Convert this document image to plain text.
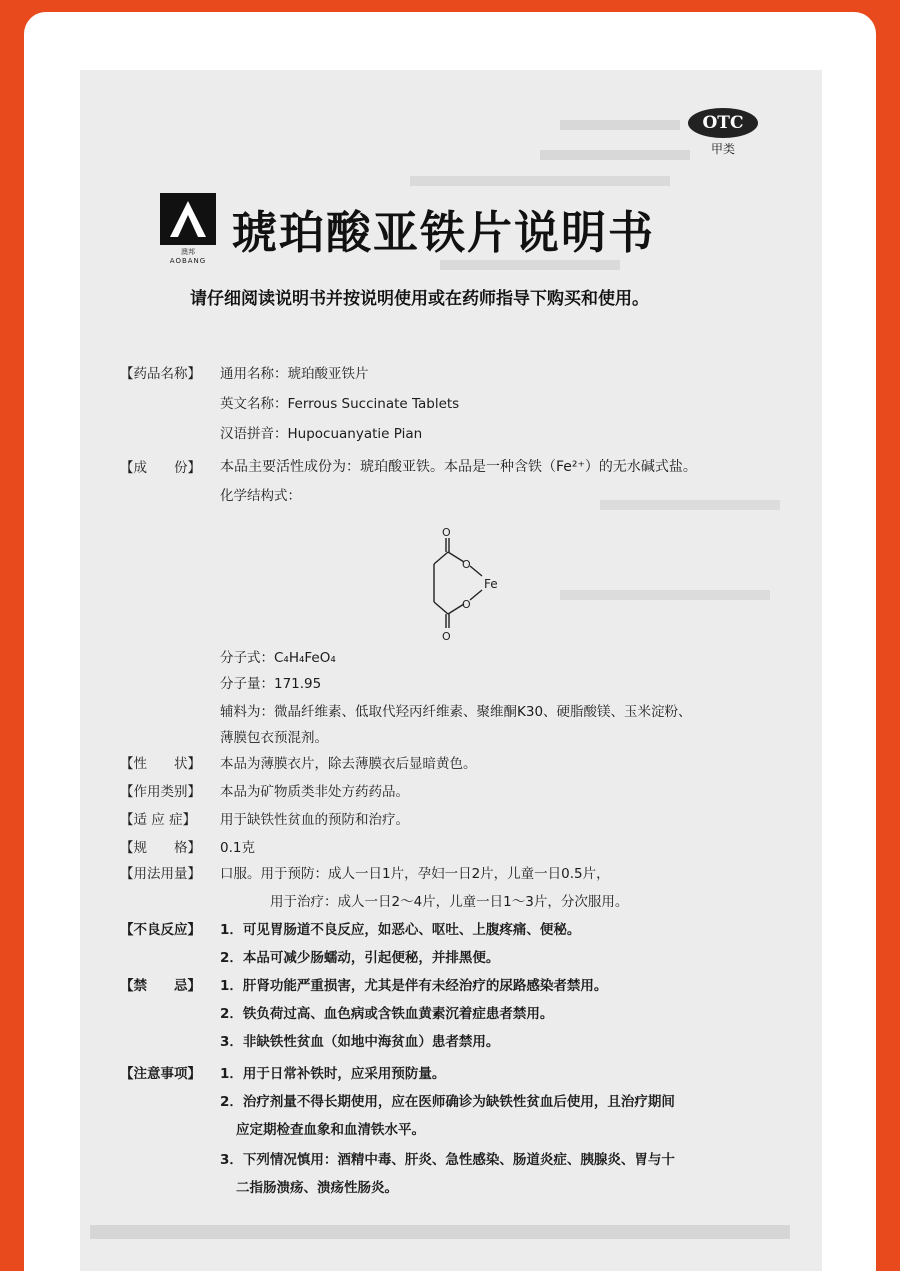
OTC
甲类
澳邦
AOBANG
琥珀酸亚铁片说明书
请仔细阅读说明书并按说明使用或在药师指导下购买和使用。
【药品名称】 通用名称：琥珀酸亚铁片
英文名称：Ferrous Succinate Tablets
汉语拼音：Hupoсuanyatie Pian
【成　　份】 本品主要活性成份为：琥珀酸亚铁。本品是一种含铁（Fe²⁺）的无水碱式盐。
化学结构式：
O
O
Fe
O
O
分子式：C₄H₄FeO₄
分子量：171.95
辅料为：微晶纤维素、低取代羟丙纤维素、聚维酮K30、硬脂酸镁、玉米淀粉、
薄膜包衣预混剂。
【性　　状】 本品为薄膜衣片，除去薄膜衣后显暗黄色。
【作用类别】 本品为矿物质类非处方药药品。
【适 应 症】 用于缺铁性贫血的预防和治疗。
【规　　格】 0.1克
【用法用量】 口服。用于预防：成人一日1片，孕妇一日2片，儿童一日0.5片，
用于治疗：成人一日2～4片，儿童一日1～3片，分次服用。
【不良反应】 1．可见胃肠道不良反应，如恶心、呕吐、上腹疼痛、便秘。
2．本品可减少肠蠕动，引起便秘，并排黑便。
【禁　　忌】 1．肝肾功能严重损害，尤其是伴有未经治疗的尿路感染者禁用。
2．铁负荷过高、血色病或含铁血黄素沉着症患者禁用。
3．非缺铁性贫血（如地中海贫血）患者禁用。
【注意事项】 1．用于日常补铁时，应采用预防量。
2．治疗剂量不得长期使用，应在医师确诊为缺铁性贫血后使用，且治疗期间
应定期检查血象和血清铁水平。
3．下列情况慎用：酒精中毒、肝炎、急性感染、肠道炎症、胰腺炎、胃与十
二指肠溃疡、溃疡性肠炎。
